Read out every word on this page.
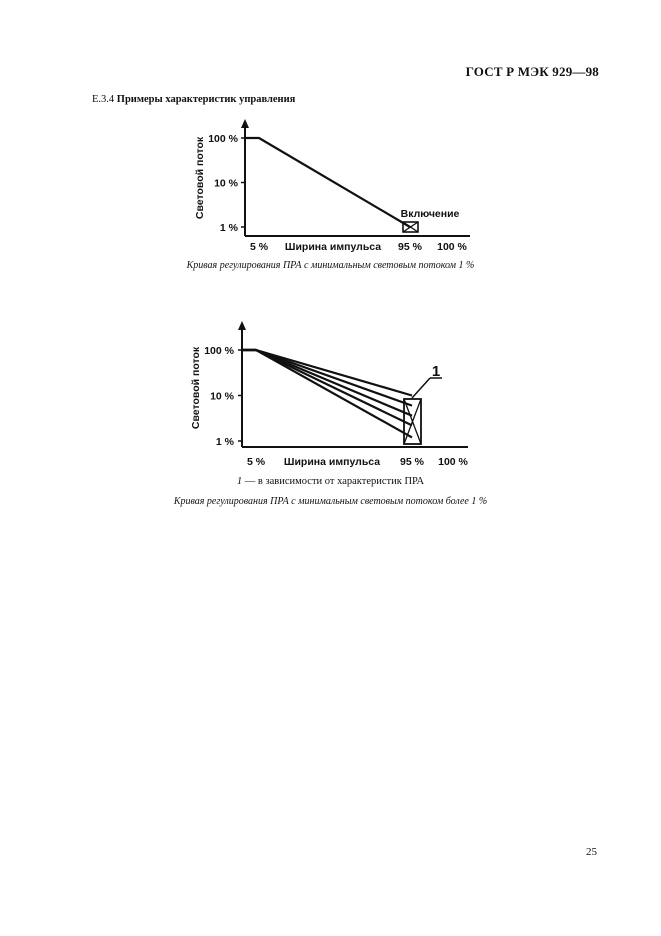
ГОСТ Р МЭК 929—98
Е.3.4 Примеры характеристик управления
Световой поток 100 %
10 %
1 %
5 %	95 % 100 %
Ширина импульса
Включение
Кривая регулирования ПРА с минимальным световым потоком 1 %
Световой поток 100 %
10 %
1 %
5 %	95 % 100 %
Ширина импульса
1
1 — в зависимости от характеристик ПРА
Кривая регулирования ПРА с минимальным световым потоком более 1 %
25
